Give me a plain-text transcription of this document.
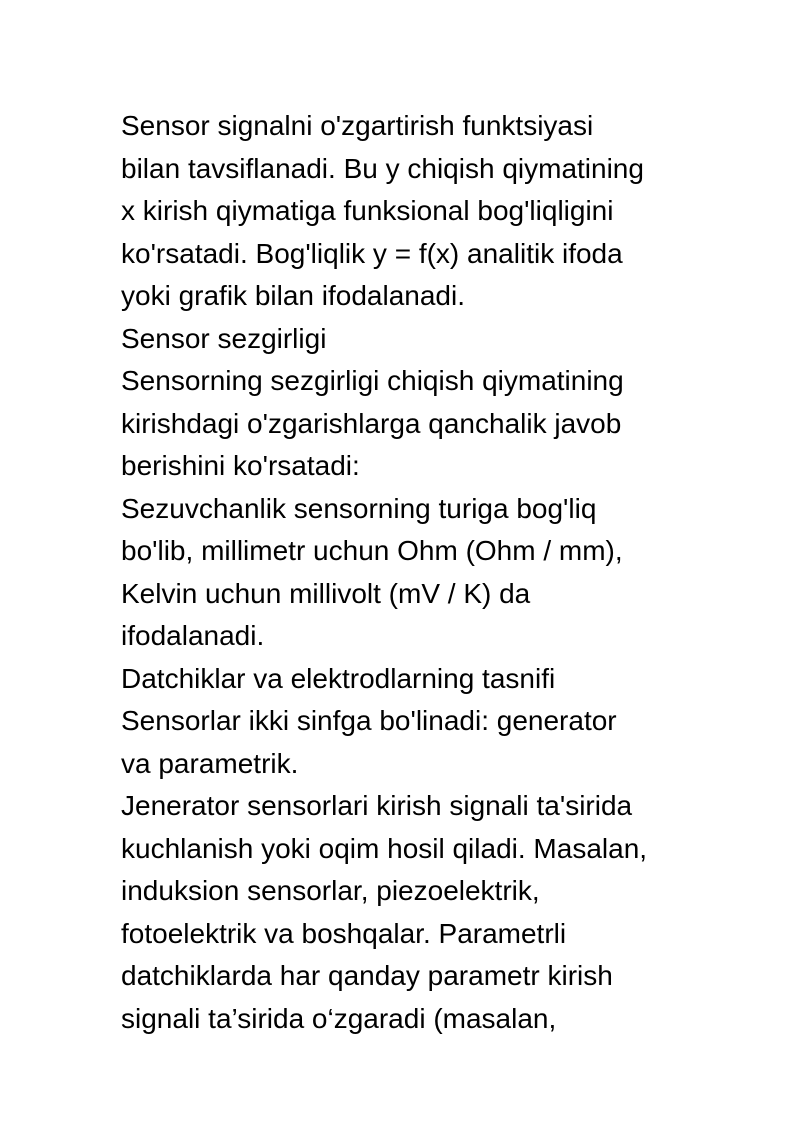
Sensor signalni o'zgartirish funktsiyasi
bilan tavsiflanadi. Bu y chiqish qiymatining
x kirish qiymatiga funksional bog'liqligini
ko'rsatadi. Bog'liqlik y = f(x) analitik ifoda
yoki grafik bilan ifodalanadi.
Sensor sezgirligi
Sensorning sezgirligi chiqish qiymatining
kirishdagi o'zgarishlarga qanchalik javob
berishini ko'rsatadi:
Sezuvchanlik sensorning turiga bog'liq
bo'lib, millimetr uchun Ohm (Ohm / mm),
Kelvin uchun millivolt (mV / K) da
ifodalanadi.
Datchiklar va elektrodlarning tasnifi
Sensorlar ikki sinfga bo'linadi: generator
va parametrik.
Jenerator sensorlari kirish signali ta'sirida
kuchlanish yoki oqim hosil qiladi. Masalan,
induksion sensorlar, piezoelektrik,
fotoelektrik va boshqalar. Parametrli
datchiklarda har qanday parametr kirish
signali ta’sirida o‘zgaradi (masalan,
